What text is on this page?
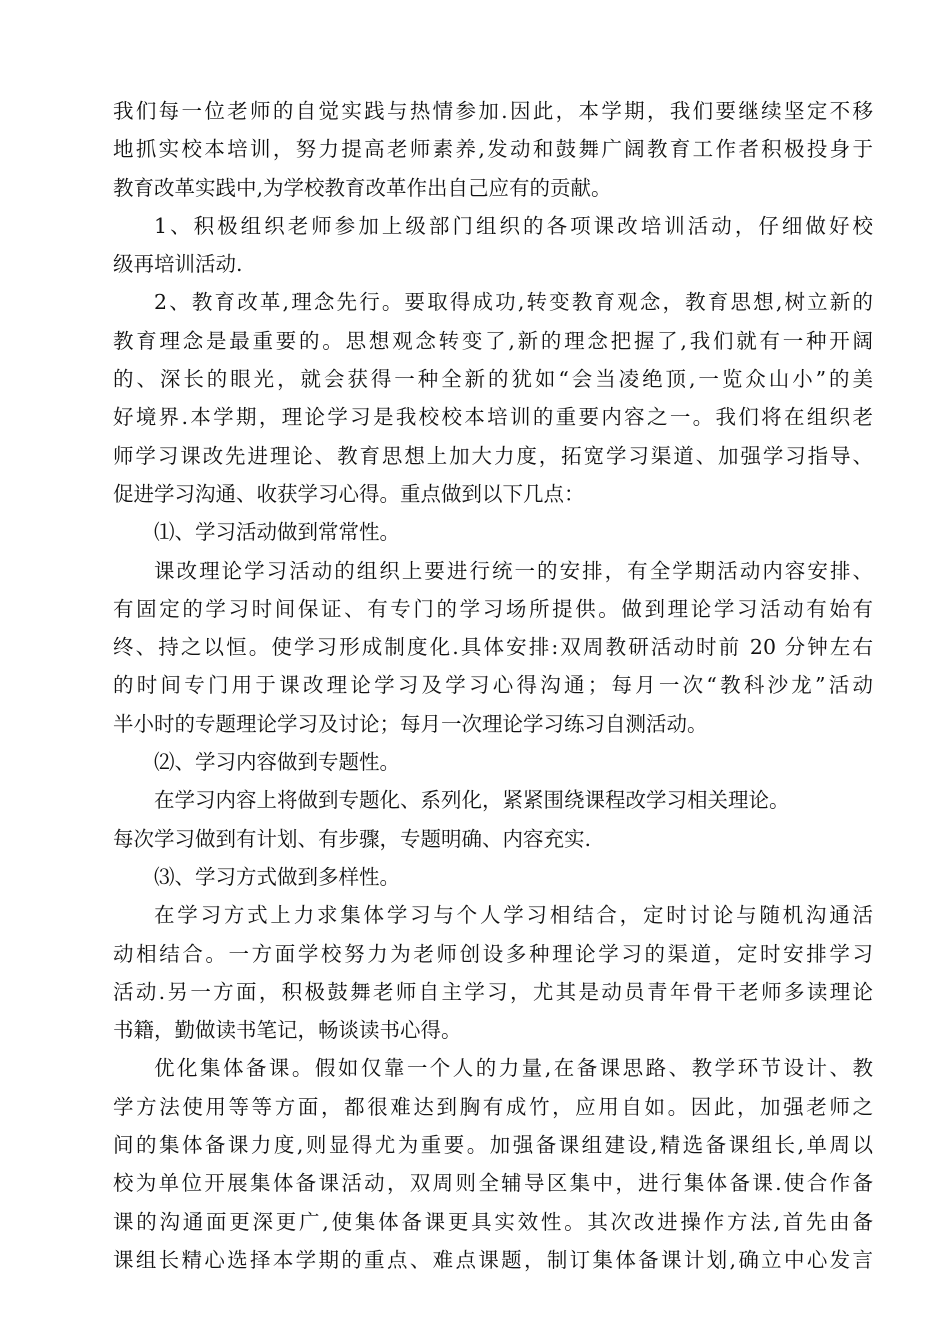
我们每一位老师的自觉实践与热情参加.因此，本学期，我们要继续坚定不移
地抓实校本培训，努力提高老师素养,发动和鼓舞广阔教育工作者积极投身于
教育改革实践中,为学校教育改革作出自己应有的贡献。
1、积极组织老师参加上级部门组织的各项课改培训活动，仔细做好校
级再培训活动.
2、教育改革,理念先行。要取得成功,转变教育观念，教育思想,树立新的
教育理念是最重要的。思想观念转变了,新的理念把握了,我们就有一种开阔
的、深长的眼光，就会获得一种全新的犹如“会当凌绝顶,一览众山小”的美
好境界.本学期，理论学习是我校校本培训的重要内容之一。我们将在组织老
师学习课改先进理论、教育思想上加大力度，拓宽学习渠道、加强学习指导、
促进学习沟通、收获学习心得。重点做到以下几点：
⑴、学习活动做到常常性。
课改理论学习活动的组织上要进行统一的安排，有全学期活动内容安排、
有固定的学习时间保证、有专门的学习场所提供。做到理论学习活动有始有
终、持之以恒。使学习形成制度化.具体安排:双周教研活动时前 20 分钟左右
的时间专门用于课改理论学习及学习心得沟通；每月一次“教科沙龙”活动
半小时的专题理论学习及讨论；每月一次理论学习练习自测活动。
⑵、学习内容做到专题性。
在学习内容上将做到专题化、系列化，紧紧围绕课程改学习相关理论。
每次学习做到有计划、有步骤，专题明确、内容充实.
⑶、学习方式做到多样性。
在学习方式上力求集体学习与个人学习相结合，定时讨论与随机沟通活
动相结合。一方面学校努力为老师创设多种理论学习的渠道，定时安排学习
活动.另一方面，积极鼓舞老师自主学习，尤其是动员青年骨干老师多读理论
书籍，勤做读书笔记，畅谈读书心得。
优化集体备课。假如仅靠一个人的力量,在备课思路、教学环节设计、教
学方法使用等等方面，都很难达到胸有成竹，应用自如。因此，加强老师之
间的集体备课力度,则显得尤为重要。加强备课组建设,精选备课组长,单周以
校为单位开展集体备课活动，双周则全辅导区集中，进行集体备课.使合作备
课的沟通面更深更广,使集体备课更具实效性。其次改进操作方法,首先由备
课组长精心选择本学期的重点、难点课题，制订集体备课计划,确立中心发言
